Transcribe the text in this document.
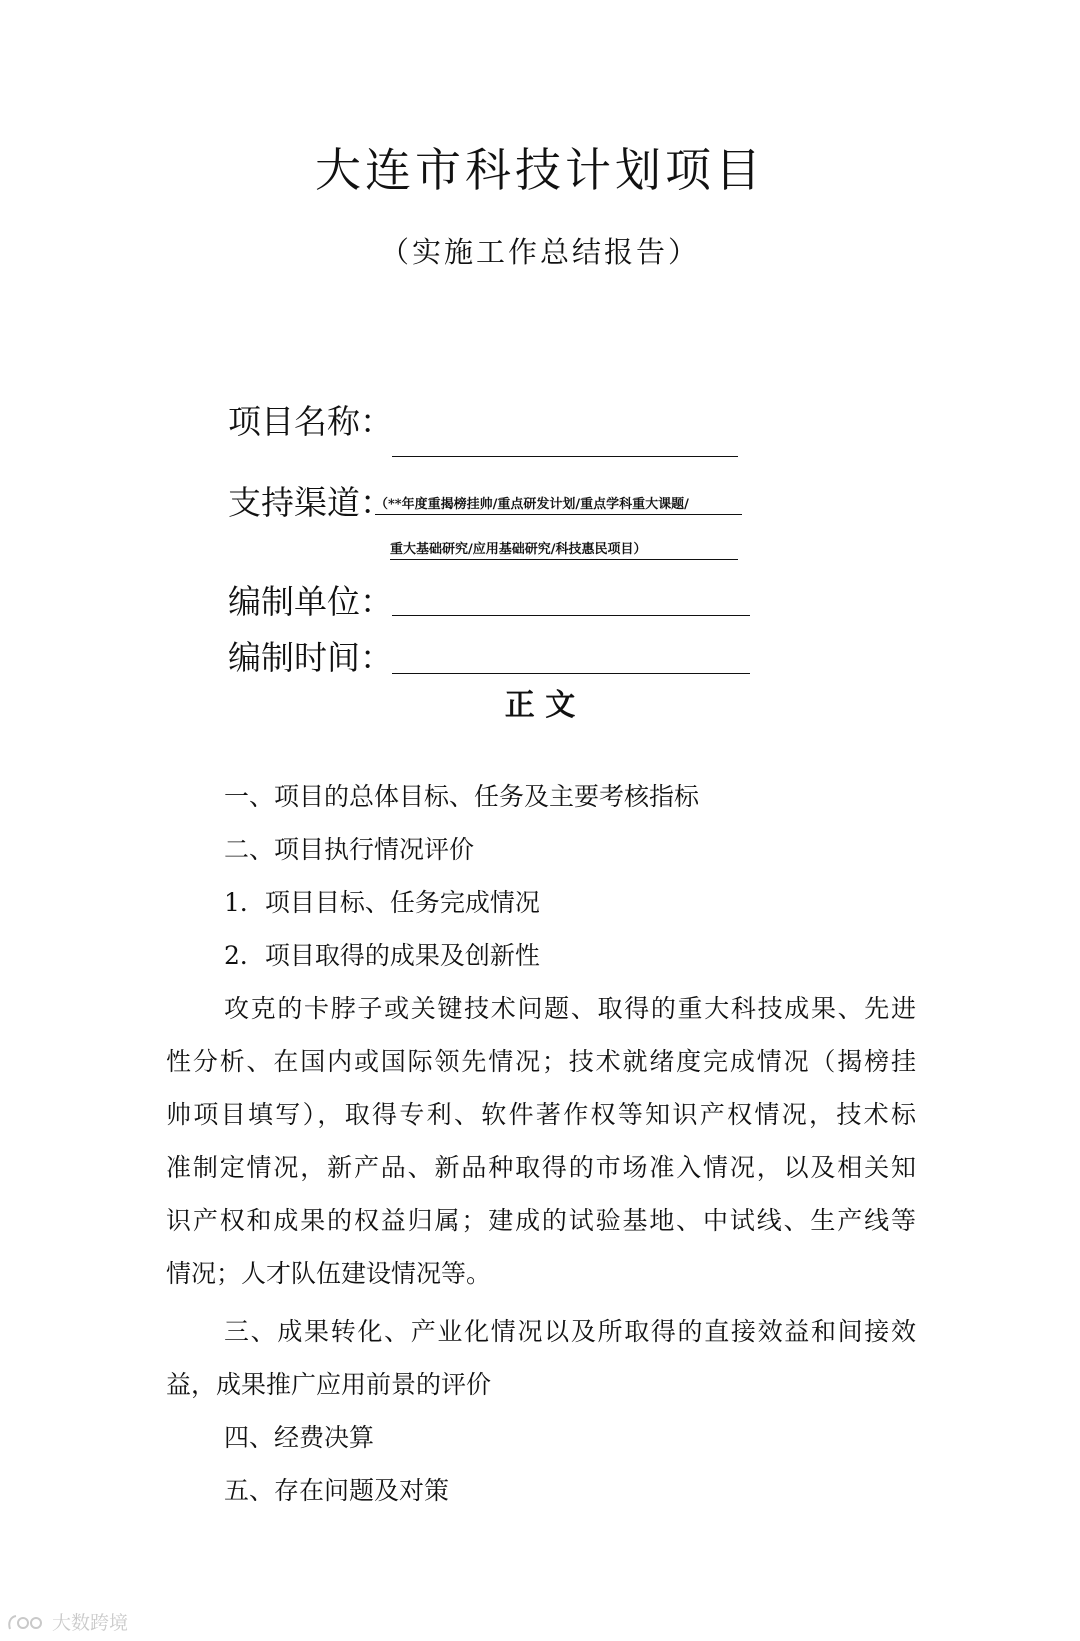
大连市科技计划项目
（实施工作总结报告）
项目名称：
支持渠道：
（**年度重揭榜挂帅/重点研发计划/重点学科重大课题/
重大基础研究/应用基础研究/科技惠民项目）
编制单位：
编制时间：
正 文
一、项目的总体目标、任务及主要考核指标
二、项目执行情况评价
1．项目目标、任务完成情况
2．项目取得的成果及创新性
攻克的卡脖子或关键技术问题、取得的重大科技成果、先进
性分析、在国内或国际领先情况；技术就绪度完成情况（揭榜挂
帅项目填写），取得专利、软件著作权等知识产权情况，技术标
准制定情况，新产品、新品种取得的市场准入情况，以及相关知
识产权和成果的权益归属；建成的试验基地、中试线、生产线等
情况；人才队伍建设情况等。
三、成果转化、产业化情况以及所取得的直接效益和间接效
益，成果推广应用前景的评价
四、经费决算
五、存在问题及对策
大数跨境
